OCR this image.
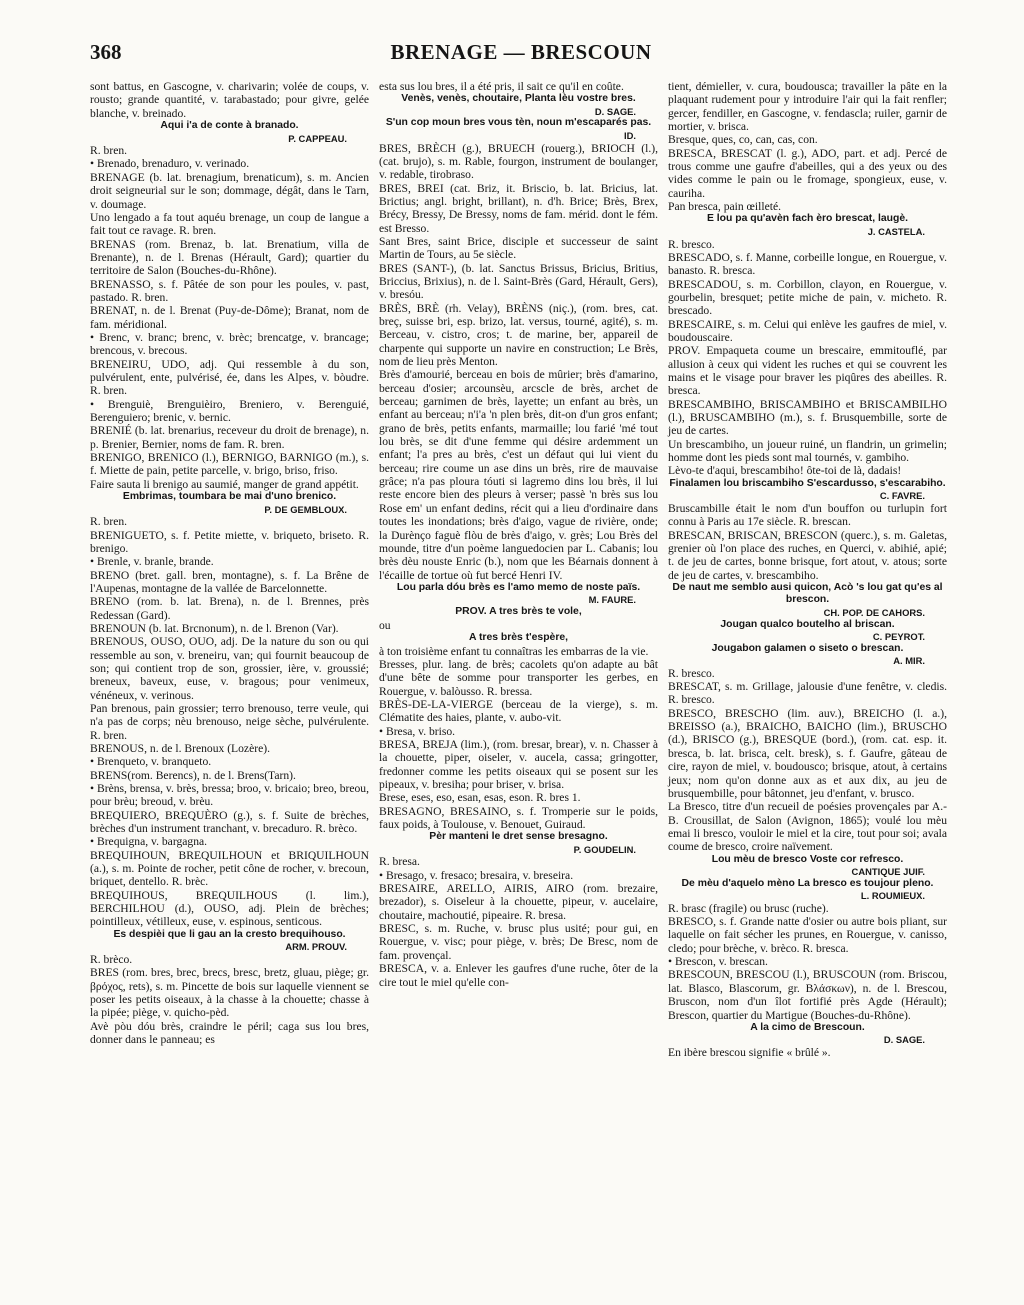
368	BRENAGE — BRESCOUN

sont battus, en Gascogne, v. charivarin; volée de coups, v. rousto; grande quantité, v. tarabastado; pour givre, gelée blanche, v. breinado.

Aqui i'a de conte à branado.

P. CAPPEAU.

R. bren.

• Brenado, brenaduro, v. verinado.

BRENAGE (b. lat. brenagium, brenaticum), s. m. Ancien droit seigneurial sur le son; dommage, dégât, dans le Tarn, v. doumage.

Uno lengado a fa tout aquéu brenage, un coup de langue a fait tout ce ravage. R. bren.

BRENAS (rom. Brenaz, b. lat. Brenatium, villa de Brenante), n. de l. Brenas (Hérault, Gard); quartier du territoire de Salon (Bouches-du-Rhône).

BRENASSO, s. f. Pâtée de son pour les poules, v. past, pastado. R. bren.

BRENAT, n. de l. Brenat (Puy-de-Dôme); Branat, nom de fam. méridional.

• Brenc, v. branc; brenc, v. brèc; brencatge, v. brancage; brencous, v. brecous.

BRENEIRU, UDO, adj. Qui ressemble à du son, pulvérulent, ente, pulvérisé, ée, dans les Alpes, v. bòudre. R. bren.

• Brenguiè, Brenguièiro, Breniero, v. Berenguié, Berenguiero; brenic, v. bernic.

BRENIÉ (b. lat. brenarius, receveur du droit de brenage), n. p. Brenier, Bernier, noms de fam. R. bren.

BRENIGO, BRENICO (l.), BERNIGO, BARNIGO (m.), s. f. Miette de pain, petite parcelle, v. brigo, briso, friso.

Faire sauta li brenigo au saumié, manger de grand appétit.

Embrimas, toumbara be mai d'uno brenico.

P. DE GEMBLOUX.

R. bren.

BRENIGUETO, s. f. Petite miette, v. briqueto, briseto. R. brenigo.

• Brenle, v. branle, brande.

BRENO (bret. gall. bren, montagne), s. f. La Brêne de l'Aupenas, montagne de la vallée de Barcelonnette.

BRENO (rom. b. lat. Brena), n. de l. Brennes, près Redessan (Gard).

BRENOUN (b. lat. Brcnonum), n. de l. Brenon (Var).

BRENOUS, OUSO, OUO, adj. De la nature du son ou qui ressemble au son, v. breneiru, van; qui fournit beaucoup de son; qui contient trop de son, grossier, ière, v. groussié; breneux, baveux, euse, v. bragous; pour venimeux, vénéneux, v. verinous.

Pan brenous, pain grossier; terro brenouso, terre veule, qui n'a pas de corps; nèu brenouso, neige sèche, pulvérulente. R. bren.

BRENOUS, n. de l. Brenoux (Lozère).

• Brenqueto, v. branqueto.

BRENS(rom. Berencs), n. de l. Brens(Tarn).

• Brèns, brensa, v. brès, bressa; broo, v. bricaio; breo, breou, pour brèu; breoud, v. brèu.

BREQUIERO, BREQUÈRO (g.), s. f. Suite de brèches, brèches d'un instrument tranchant, v. brecaduro. R. brèco.

• Brequigna, v. bargagna.

BREQUIHOUN, BREQUILHOUN et BRIQUILHOUN (a.), s. m. Pointe de rocher, petit cône de rocher, v. brecoun, briquet, dentello. R. brèc.

BREQUIHOUS, BREQUILHOUS (l. lim.), BERCHILHOU (d.), OUSO, adj. Plein de brèches; pointilleux, vétilleux, euse, v. espinous, senticous.

Es despièi que li gau an la cresto brequihouso.

ARM. PROUV.

R. brèco.

BRES (rom. bres, brec, brecs, bresc, bretz, gluau, piège; gr. βρόχος, rets), s. m. Pincette de bois sur laquelle viennent se poser les petits oiseaux, à la chasse à la chouette; chasse à la pipée; piège, v. quicho-pèd.

Avè pòu dóu brès, craindre le péril; caga sus lou bres, donner dans le panneau; es

esta sus lou bres, il a été pris, il sait ce qu'il en coûte.

Venès, venès, choutaire, Planta lèu vostre bres.

D. SAGE.

S'un cop moun bres vous tèn, noun m'escaparés pas.

ID.

BRES, BRÈCH (g.), BRUECH (rouerg.), BRIOCH (l.), (cat. brujo), s. m. Rable, fourgon, instrument de boulanger, v. redable, tirobraso.

BRES, BREI (cat. Briz, it. Briscio, b. lat. Bricius, lat. Brictius; angl. bright, brillant), n. d'h. Brice; Brès, Brex, Brécy, Bressy, De Bressy, noms de fam. mérid. dont le fém. est Bresso.

Sant Bres, saint Brice, disciple et successeur de saint Martin de Tours, au 5e siècle.

BRES (SANT-), (b. lat. Sanctus Brissus, Bricius, Britius, Briccius, Brixius), n. de l. Saint-Brès (Gard, Hérault, Gers), v. bresóu.

BRÈS, BRÈ (rh. Velay), BRÈNS (niç.), (rom. bres, cat. breç, suisse bri, esp. brizo, lat. versus, tourné, agité), s. m. Berceau, v. cistro, cros; t. de marine, ber, appareil de charpente qui supporte un navire en construction; Le Brès, nom de lieu près Menton.

Brès d'amourié, berceau en bois de mûrier; brès d'amarino, berceau d'osier; arcounsèu, arcscle de brès, archet de berceau; garnimen de brès, layette; un enfant au brès, un enfant au berceau; n'i'a 'n plen brès, dit-on d'un gros enfant; grano de brès, petits enfants, marmaille; lou farié 'mé tout lou brès, se dit d'une femme qui désire ardemment un enfant; l'a pres au brès, c'est un défaut qui lui vient du berceau; rire coume un ase dins un brès, rire de mauvaise grâce; n'a pas ploura tóuti si lagremo dins lou brès, il lui reste encore bien des pleurs à verser; passè 'n brès sus lou Rose em' un enfant dedins, récit qui a lieu d'ordinaire dans toutes les inondations; brès d'aigo, vague de rivière, onde; la Durènço faguè flòu de brès d'aigo, v. grès; Lou Brès del mounde, titre d'un poème languedocien par L. Cabanis; lou brès dèu nouste Enric (b.), nom que les Béarnais donnent à l'écaille de tortue où fut bercé Henri IV.

Lou parla dóu brès es l'amo memo de noste païs.

M. FAURE.

PROV. A tres brès te vole,

ou

A tres brès t'espère,

à ton troisième enfant tu connaîtras les embarras de la vie.

Bresses, plur. lang. de brès; cacolets qu'on adapte au bât d'une bête de somme pour transporter les gerbes, en Rouergue, v. balòusso. R. bressa.

BRÈS-DE-LA-VIERGE (berceau de la vierge), s. m. Clématite des haies, plante, v. aubo-vit.

• Bresa, v. briso.

BRESA, BREJA (lim.), (rom. bresar, brear), v. n. Chasser à la chouette, piper, oiseler, v. aucela, cassa; gringotter, fredonner comme les petits oiseaux qui se posent sur les pipeaux, v. bresiha; pour briser, v. brisa.

Brese, eses, eso, esan, esas, eson. R. bres 1.

BRESAGNO, BRESAINO, s. f. Tromperie sur le poids, faux poids, à Toulouse, v. Benouet, Guiraud.

Pèr manteni le dret sense bresagno.

P. GOUDELIN.

R. bresa.

• Bresago, v. fresaco; bresaira, v. breseira.

BRESAIRE, ARELLO, AIRIS, AIRO (rom. brezaire, brezador), s. Oiseleur à la chouette, pipeur, v. aucelaire, choutaire, machoutié, pipeaire. R. bresa.

BRESC, s. m. Ruche, v. brusc plus usité; pour gui, en Rouergue, v. visc; pour piège, v. brès; De Bresc, nom de fam. provençal.

BRESCA, v. a. Enlever les gaufres d'une ruche, ôter de la cire tout le miel qu'elle con-

tient, démieller, v. cura, boudousca; travailler la pâte en la plaquant rudement pour y introduire l'air qui la fait renfler; gercer, fendiller, en Gascogne, v. fendascla; ruiler, garnir de mortier, v. brisca.

Bresque, ques, co, can, cas, con.

BRESCA, BRESCAT (l. g.), ADO, part. et adj. Percé de trous comme une gaufre d'abeilles, qui a des yeux ou des vides comme le pain ou le fromage, spongieux, euse, v. cauriha.

Pan bresca, pain œilleté.

E lou pa qu'avèn fach èro brescat, laugè.

J. CASTELA.

R. bresco.

BRESCADO, s. f. Manne, corbeille longue, en Rouergue, v. banasto. R. bresca.

BRESCADOU, s. m. Corbillon, clayon, en Rouergue, v. gourbelin, bresquet; petite miche de pain, v. micheto. R. brescado.

BRESCAIRE, s. m. Celui qui enlève les gaufres de miel, v. boudouscaire.

PROV. Empaqueta coume un brescaire, emmitouflé, par allusion à ceux qui vident les ruches et qui se couvrent les mains et le visage pour braver les piqûres des abeilles. R. bresca.

BRESCAMBIHO, BRISCAMBIHO et BRISCAMBILHO (l.), BRUSCAMBIHO (m.), s. f. Brusquembille, sorte de jeu de cartes.

Un brescambiho, un joueur ruiné, un flandrin, un grimelin; homme dont les pieds sont mal tournés, v. gambiho.

Lèvo-te d'aqui, brescambiho! ôte-toi de là, dadais!

Finalamen lou briscambiho S'escardusso, s'escarabiho.

C. FAVRE.

Bruscambille était le nom d'un bouffon ou turlupin fort connu à Paris au 17e siècle. R. brescan.

BRESCAN, BRISCAN, BRESCON (querc.), s. m. Galetas, grenier où l'on place des ruches, en Querci, v. abihié, apié; t. de jeu de cartes, bonne brisque, fort atout, v. atous; sorte de jeu de cartes, v. brescambiho.

De naut me semblo ausi quicon, Acò 's lou gat qu'es al brescon.

CH. POP. DE CAHORS.

Jougan qualco boutelho al briscan.

C. PEYROT.

Jougabon galamen o siseto o brescan.

A. MIR.

R. bresco.

BRESCAT, s. m. Grillage, jalousie d'une fenêtre, v. cledis. R. bresco.

BRESCO, BRESCHO (lim. auv.), BREICHO (l. a.), BREISSO (a.), BRAICHO, BAICHO (lim.), BRUSCHO (d.), BRISCO (g.), BRESQUE (bord.), (rom. cat. esp. it. bresca, b. lat. brisca, celt. bresk), s. f. Gaufre, gâteau de cire, rayon de miel, v. boudousco; brisque, atout, à certains jeux; nom qu'on donne aux as et aux dix, au jeu de brusquembille, pour bâtonnet, jeu d'enfant, v. brusco.

La Bresco, titre d'un recueil de poésies provençales par A.-B. Crousillat, de Salon (Avignon, 1865); voulé lou mèu emai li bresco, vouloir le miel et la cire, tout pour soi; avala coume de bresco, croire naïvement.

Lou mèu de bresco Voste cor refresco.

CANTIQUE JUIF.

De mèu d'aquelo mèno La bresco es toujour pleno.

L. ROUMIEUX.

R. brasc (fragile) ou brusc (ruche).

BRESCO, s. f. Grande natte d'osier ou autre bois pliant, sur laquelle on fait sécher les prunes, en Rouergue, v. canisso, cledo; pour brèche, v. brèco. R. bresca.

• Brescon, v. brescan.

BRESCOUN, BRESCOU (l.), BRUSCOUN (rom. Briscou, lat. Blasco, Blascorum, gr. Βλάσκων), n. de l. Brescou, Bruscon, nom d'un îlot fortifié près Agde (Hérault); Brescon, quartier du Martigue (Bouches-du-Rhône).

A la cimo de Brescoun.

D. SAGE.

En ibère brescou signifie « brûlé ».
